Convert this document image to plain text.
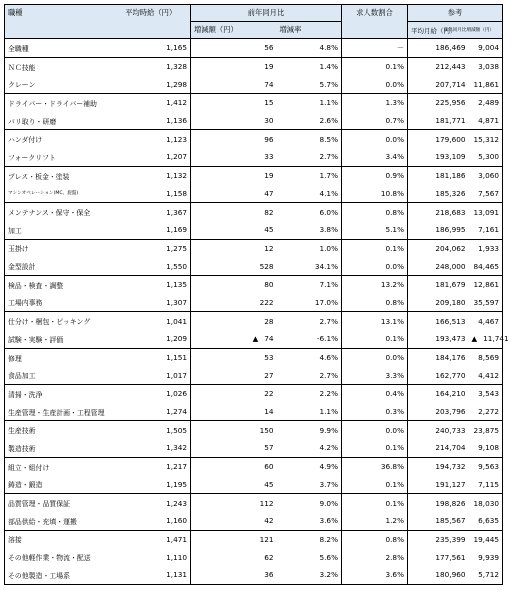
職種	平均時給（円）	前年同月比		求人数割合	参考	
		増減額（円）	増減率		平均月給（円）	前年同月比増減額（円）
全職種	1,165	56	4.8%	－	186,469	9,004
ＮＣ技能	1,328	19	1.4%	0.1%	212,443	3,038
クレーン	1,298	74	5.7%	0.0%	207,714	11,861
ドライバー・ドライバー補助	1,412	15	1.1%	1.3%	225,956	2,489
バリ取り・研磨	1,136	30	2.6%	0.7%	181,771	4,871
ハンダ付け	1,123	96	8.5%	0.0%	179,600	15,312
フォークリフト	1,207	33	2.7%	3.4%	193,109	5,300
プレス・板金・塗装	1,132	19	1.7%	0.9%	181,186	3,060
マシンオペレーション(MC、旋盤)	1,158	47	4.1%	10.8%	185,326	7,567
メンテナンス・保守・保全	1,367	82	6.0%	0.8%	218,683	13,091
加工	1,169	45	3.8%	5.1%	186,995	7,161
玉掛け	1,275	12	1.0%	0.1%	204,062	1,933
金型設計	1,550	528	34.1%	0.0%	248,000	84,465
検品・検査・調整	1,135	80	7.1%	13.2%	181,679	12,861
工場内事務	1,307	222	17.0%	0.8%	209,180	35,597
仕分け・梱包・ピッキング	1,041	28	2.7%	13.1%	166,513	4,467
試験・実験・評価	1,209	▲ 74	-6.1%	0.1%	193,473	▲ 11,741
修理	1,151	53	4.6%	0.0%	184,176	8,569
食品加工	1,017	27	2.7%	3.3%	162,770	4,412
清掃・洗浄	1,026	22	2.2%	0.4%	164,210	3,543
生産管理・生産計画・工程管理	1,274	14	1.1%	0.3%	203,796	2,272
生産技術	1,505	150	9.9%	0.0%	240,733	23,875
製造技術	1,342	57	4.2%	0.1%	214,704	9,108
組立・組付け	1,217	60	4.9%	36.8%	194,732	9,563
鋳造・鍛造	1,195	45	3.7%	0.1%	191,127	7,115
品質管理・品質保証	1,243	112	9.0%	0.1%	198,826	18,030
部品供給・充填・運搬	1,160	42	3.6%	1.2%	185,567	6,635
溶接	1,471	121	8.2%	0.8%	235,399	19,445
その他軽作業・物流・配送	1,110	62	5.6%	2.8%	177,561	9,939
その他製造・工場系	1,131	36	3.2%	3.6%	180,960	5,712
